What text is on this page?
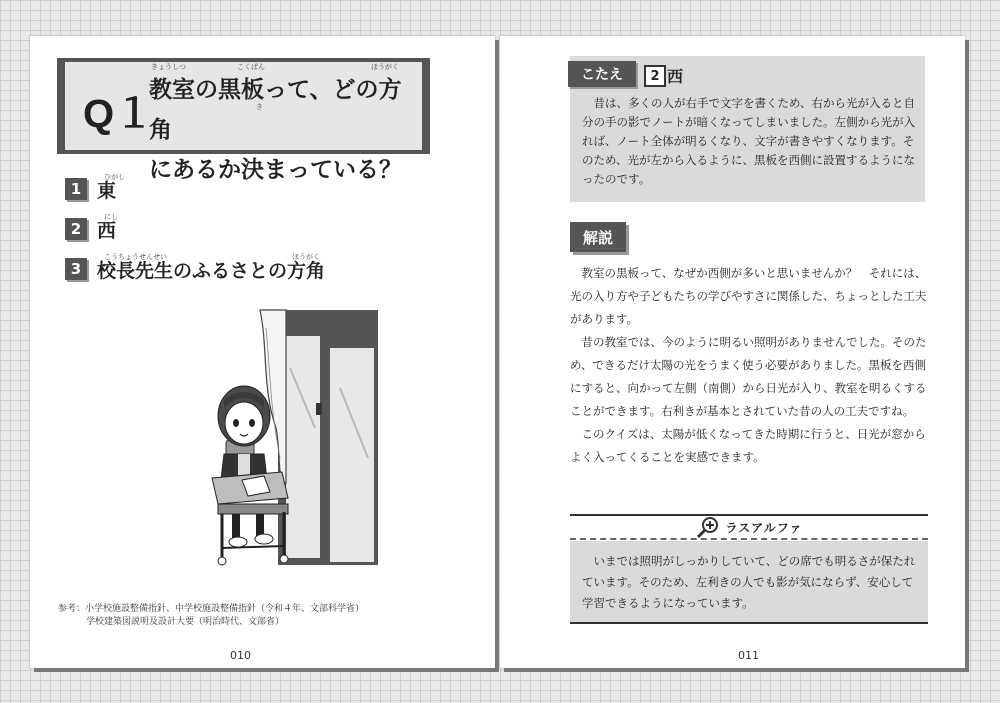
Q１
きょうしつ	こくばん	ほうがく
き
教室の黒板って、どの方角
にあるか決まっている？
ひがし
1 東
にし
2 西
こうちょうせんせい	ほうがく
3 校長先生のふるさとの方角
参考：小学校施設整備指針、中学校施設整備指針（令和４年、文部科学省）
学校建築図説明及設計大要（明治時代、文部省）
010
こたえ	2 西
昔は、多くの人が右手で文字を書くため、右から光が入ると自分の手の影でノートが暗くなってしまいました。左側から光が入れば、ノート全体が明るくなり、文字が書きやすくなります。そのため、光が左から入るように、黒板を西側に設置するようになったのです。
解説

教室の黒板って、なぜか西側が多いと思いませんか？　それには、光の入り方や子どもたちの学びやすさに関係した、ちょっとした工夫があります。

昔の教室では、今のように明るい照明がありませんでした。そのため、できるだけ太陽の光をうまく使う必要がありました。黒板を西側にすると、向かって左側（南側）から日光が入り、教室を明るくすることができます。右利きが基本とされていた昔の人の工夫ですね。

このクイズは、太陽が低くなってきた時期に行うと、日光が窓からよく入ってくることを実感できます。

ラスアルファ
いまでは照明がしっかりしていて、どの席でも明るさが保たれています。そのため、左利きの人でも影が気にならず、安心して学習できるようになっています。
011
